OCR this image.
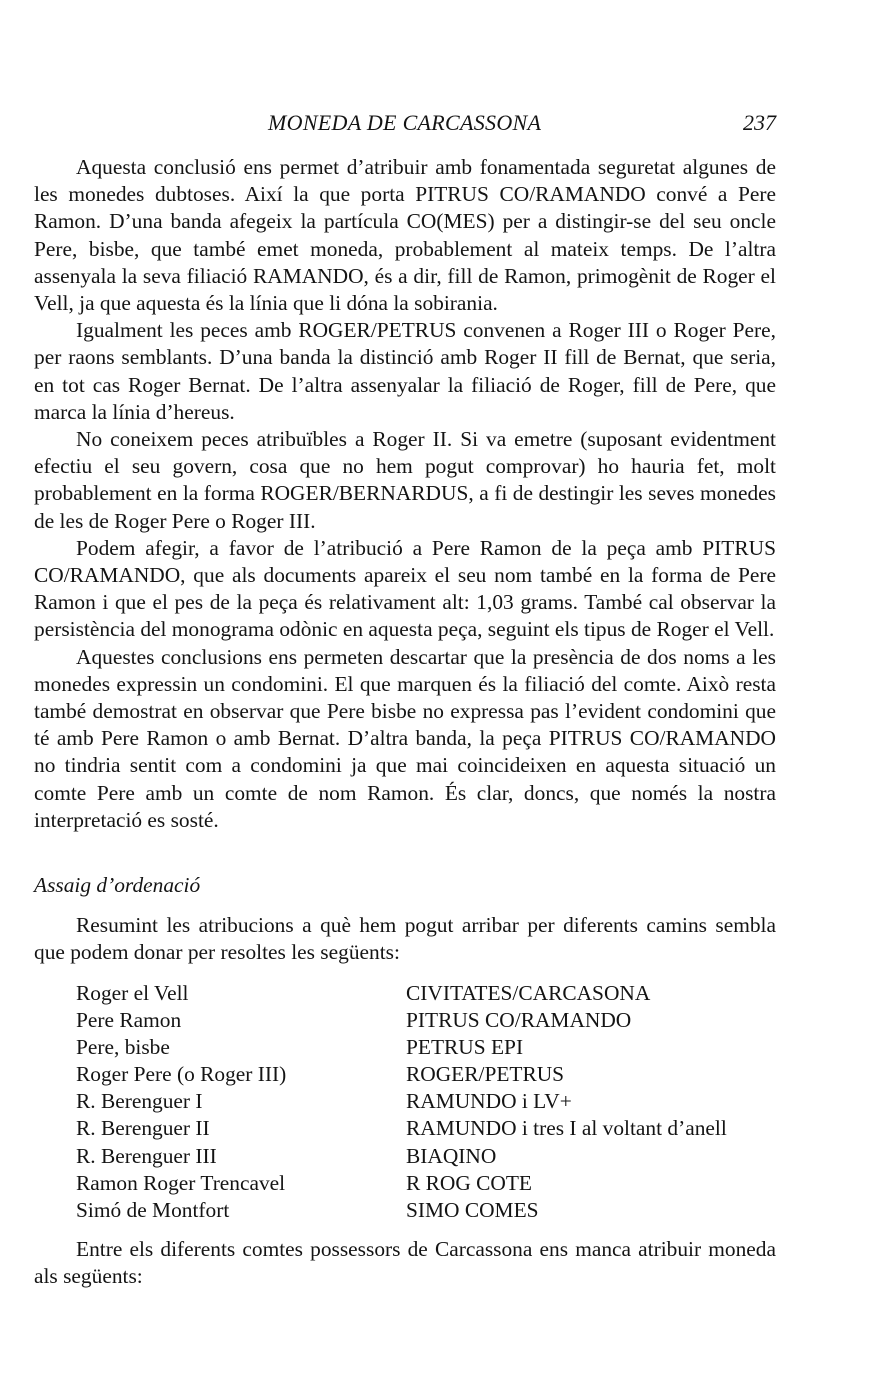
MONEDA DE CARCASSONA	237

Aquesta conclusió ens permet d’atribuir amb fonamentada seguretat algunes de les monedes dubtoses. Així la que porta PITRUS CO/RAMANDO convé a Pere Ramon. D’una banda afegeix la partícula CO(MES) per a distingir-se del seu oncle Pere, bisbe, que també emet moneda, probablement al mateix temps. De l’altra assenyala la seva filiació RAMANDO, és a dir, fill de Ramon, primogènit de Roger el Vell, ja que aquesta és la línia que li dóna la sobirania.

Igualment les peces amb ROGER/PETRUS convenen a Roger III o Roger Pere, per raons semblants. D’una banda la distinció amb Roger II fill de Bernat, que seria, en tot cas Roger Bernat. De l’altra assenyalar la filiació de Roger, fill de Pere, que marca la línia d’hereus.

No coneixem peces atribuïbles a Roger II. Si va emetre (suposant evidentment efectiu el seu govern, cosa que no hem pogut comprovar) ho hauria fet, molt probablement en la forma ROGER/BERNARDUS, a fi de destingir les seves monedes de les de Roger Pere o Roger III.

Podem afegir, a favor de l’atribució a Pere Ramon de la peça amb PITRUS CO/RAMANDO, que als documents apareix el seu nom també en la forma de Pere Ramon i que el pes de la peça és relativament alt: 1,03 grams. També cal observar la persistència del monograma odònic en aquesta peça, seguint els tipus de Roger el Vell.

Aquestes conclusions ens permeten descartar que la presència de dos noms a les monedes expressin un condomini. El que marquen és la filiació del comte. Això resta també demostrat en observar que Pere bisbe no expressa pas l’evident condomini que té amb Pere Ramon o amb Bernat. D’altra banda, la peça PITRUS CO/RAMANDO no tindria sentit com a condomini ja que mai coincideixen en aquesta situació un comte Pere amb un comte de nom Ramon. És clar, doncs, que només la nostra interpretació es sosté.

Assaig d’ordenació

Resumint les atribucions a què hem pogut arribar per diferents camins sembla que podem donar per resoltes les següents:

Roger el Vell	CIVITATES/CARCASONA
Pere Ramon	PITRUS CO/RAMANDO
Pere, bisbe	PETRUS EPI
Roger Pere (o Roger III)	ROGER/PETRUS
R. Berenguer I	RAMUNDO i LV+
R. Berenguer II	RAMUNDO i tres I al voltant d’anell
R. Berenguer III	BIAQINO
Ramon Roger Trencavel	R ROG COTE
Simó de Montfort	SIMO COMES

Entre els diferents comtes possessors de Carcassona ens manca atribuir moneda als següents:
